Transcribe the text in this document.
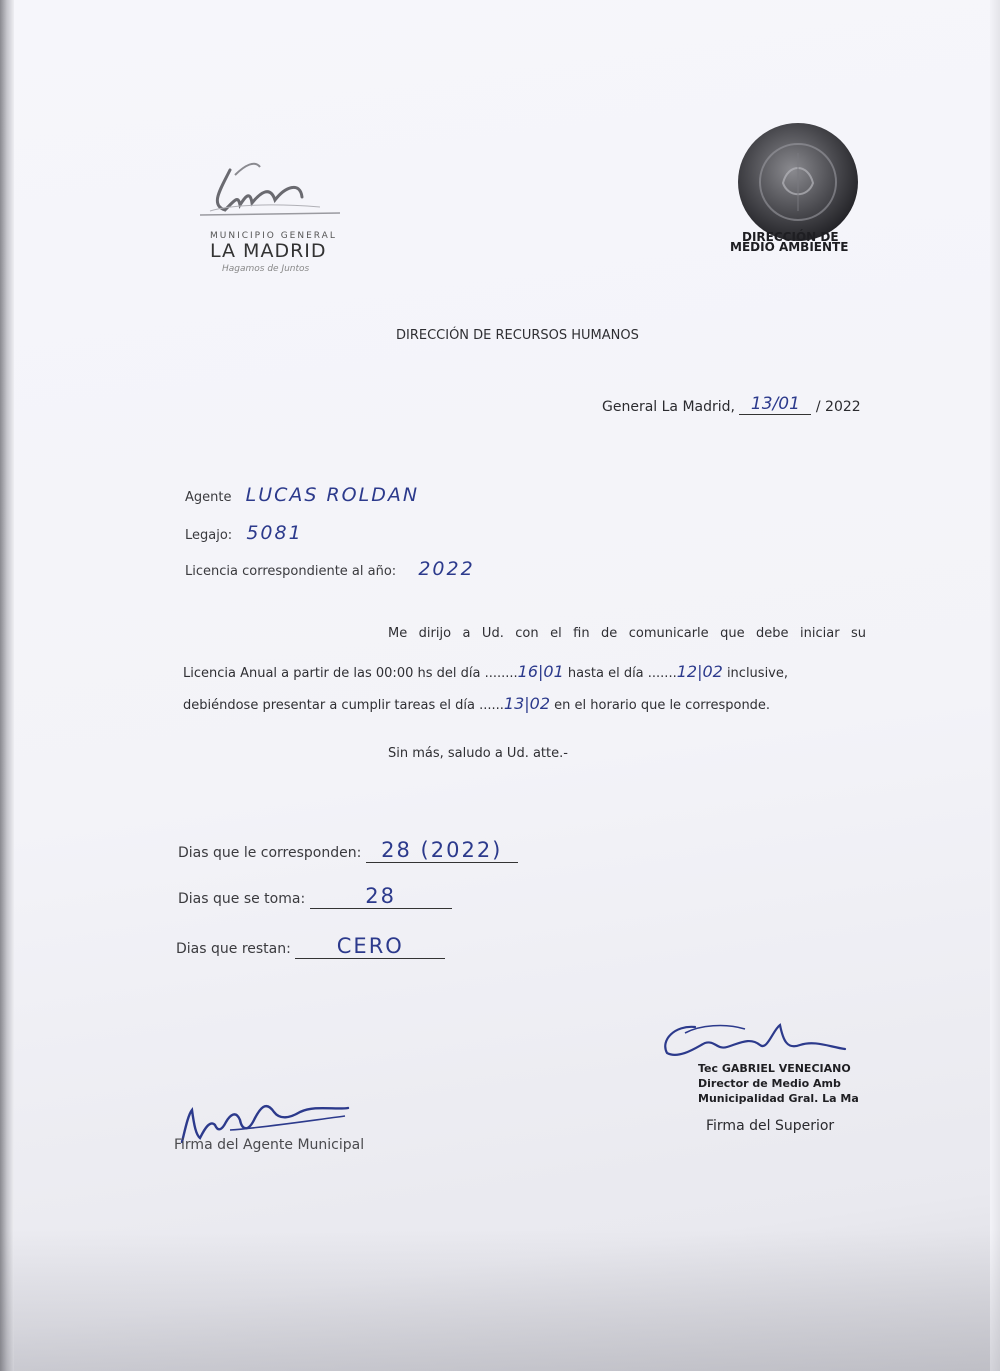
MUNICIPIO GENERAL
LA MADRID
Hagamos de Juntos
DIRECCIÓN DE
MEDIO AMBIENTE
DIRECCIÓN DE RECURSOS HUMANOS
General La Madrid, 13/01 / 2022
Agente LUCAS ROLDAN
Legajo: 5081
Licencia correspondiente al año: 2022
Me dirijo a Ud. con el fin de comunicarle que debe iniciar su
Licencia Anual a partir de las 00:00 hs del día ........16|01 hasta el día .......12|02 inclusive,
debiéndose presentar a cumplir tareas el día ......13|02 en el horario que le corresponde.
Sin más, saludo a Ud. atte.-
Dias que le corresponden: 28 (2022)
Dias que se toma:	28
Dias que restan: CERO
Tec GABRIEL VENECIANO
Director de Medio Amb
Municipalidad Gral. La Ma
Firma del Superior
Firma del Agente Municipal
